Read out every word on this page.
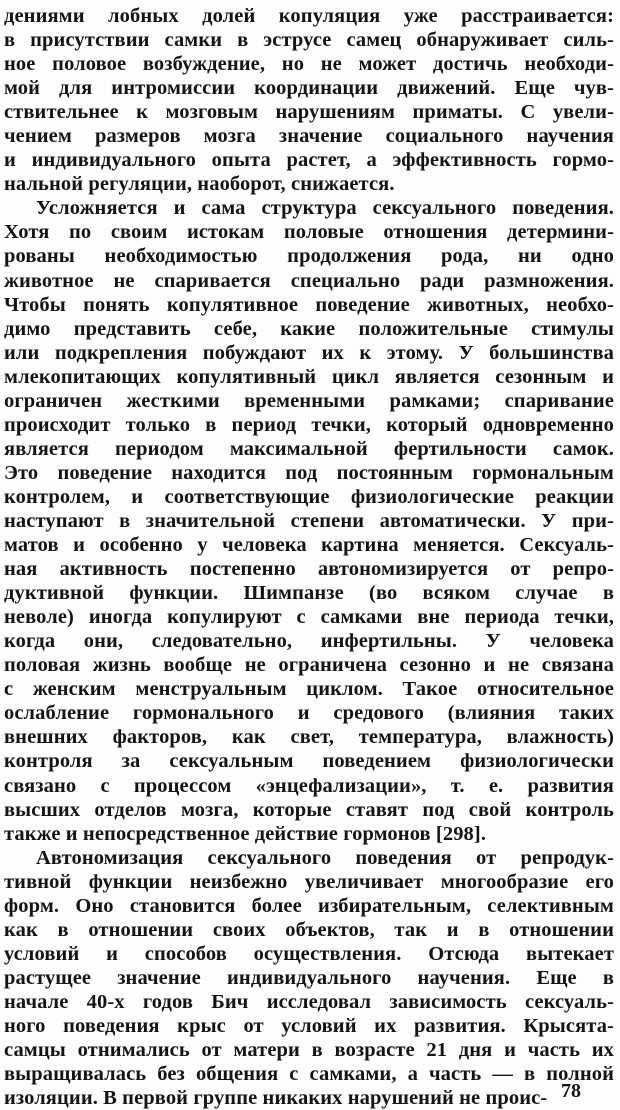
дениями лобных долей копуляция уже расстраивается:
в присутствии самки в эструсе самец обнаруживает силь-
ное половое возбуждение, но не может достичь необходи-
мой для интромиссии координации движений. Еще чув-
ствительнее к мозговым нарушениям приматы. С увели-
чением размеров мозга значение социального научения
и индивидуального опыта растет, а эффективность гормо-
нальной регуляции, наоборот, снижается.
Усложняется и сама структура сексуального поведения.
Хотя по своим истокам половые отношения детермини-
рованы необходимостью продолжения рода, ни одно
животное не спаривается специально ради размножения.
Чтобы понять копулятивное поведение животных, необхо-
димо представить себе, какие положительные стимулы
или подкрепления побуждают их к этому. У большинства
млекопитающих копулятивный цикл является сезонным и
ограничен жесткими временными рамками; спаривание
происходит только в период течки, который одновременно
является периодом максимальной фертильности самок.
Это поведение находится под постоянным гормональным
контролем, и соответствующие физиологические реакции
наступают в значительной степени автоматически. У при-
матов и особенно у человека картина меняется. Сексуаль-
ная активность постепенно автономизируется от репро-
дуктивной функции. Шимпанзе (во всяком случае в
неволе) иногда копулируют с самками вне периода течки,
когда они, следовательно, инфертильны. У человека
половая жизнь вообще не ограничена сезонно и не связана
с женским менструальным циклом. Такое относительное
ослабление гормонального и средового (влияния таких
внешних факторов, как свет, температура, влажность)
контроля за сексуальным поведением физиологически
связано с процессом «энцефализации», т. е. развития
высших отделов мозга, которые ставят под свой контроль
также и непосредственное действие гормонов [298].
Автономизация сексуального поведения от репродук-
тивной функции неизбежно увеличивает многообразие его
форм. Оно становится более избирательным, селективным
как в отношении своих объектов, так и в отношении
условий и способов осуществления. Отсюда вытекает
растущее значение индивидуального научения. Еще в
начале 40-х годов Бич исследовал зависимость сексуаль-
ного поведения крыс от условий их развития. Крысята-
самцы отнимались от матери в возрасте 21 дня и часть их
выращивалась без общения с самками, а часть — в полной
изоляции. В первой группе никаких нарушений не проис- 78
